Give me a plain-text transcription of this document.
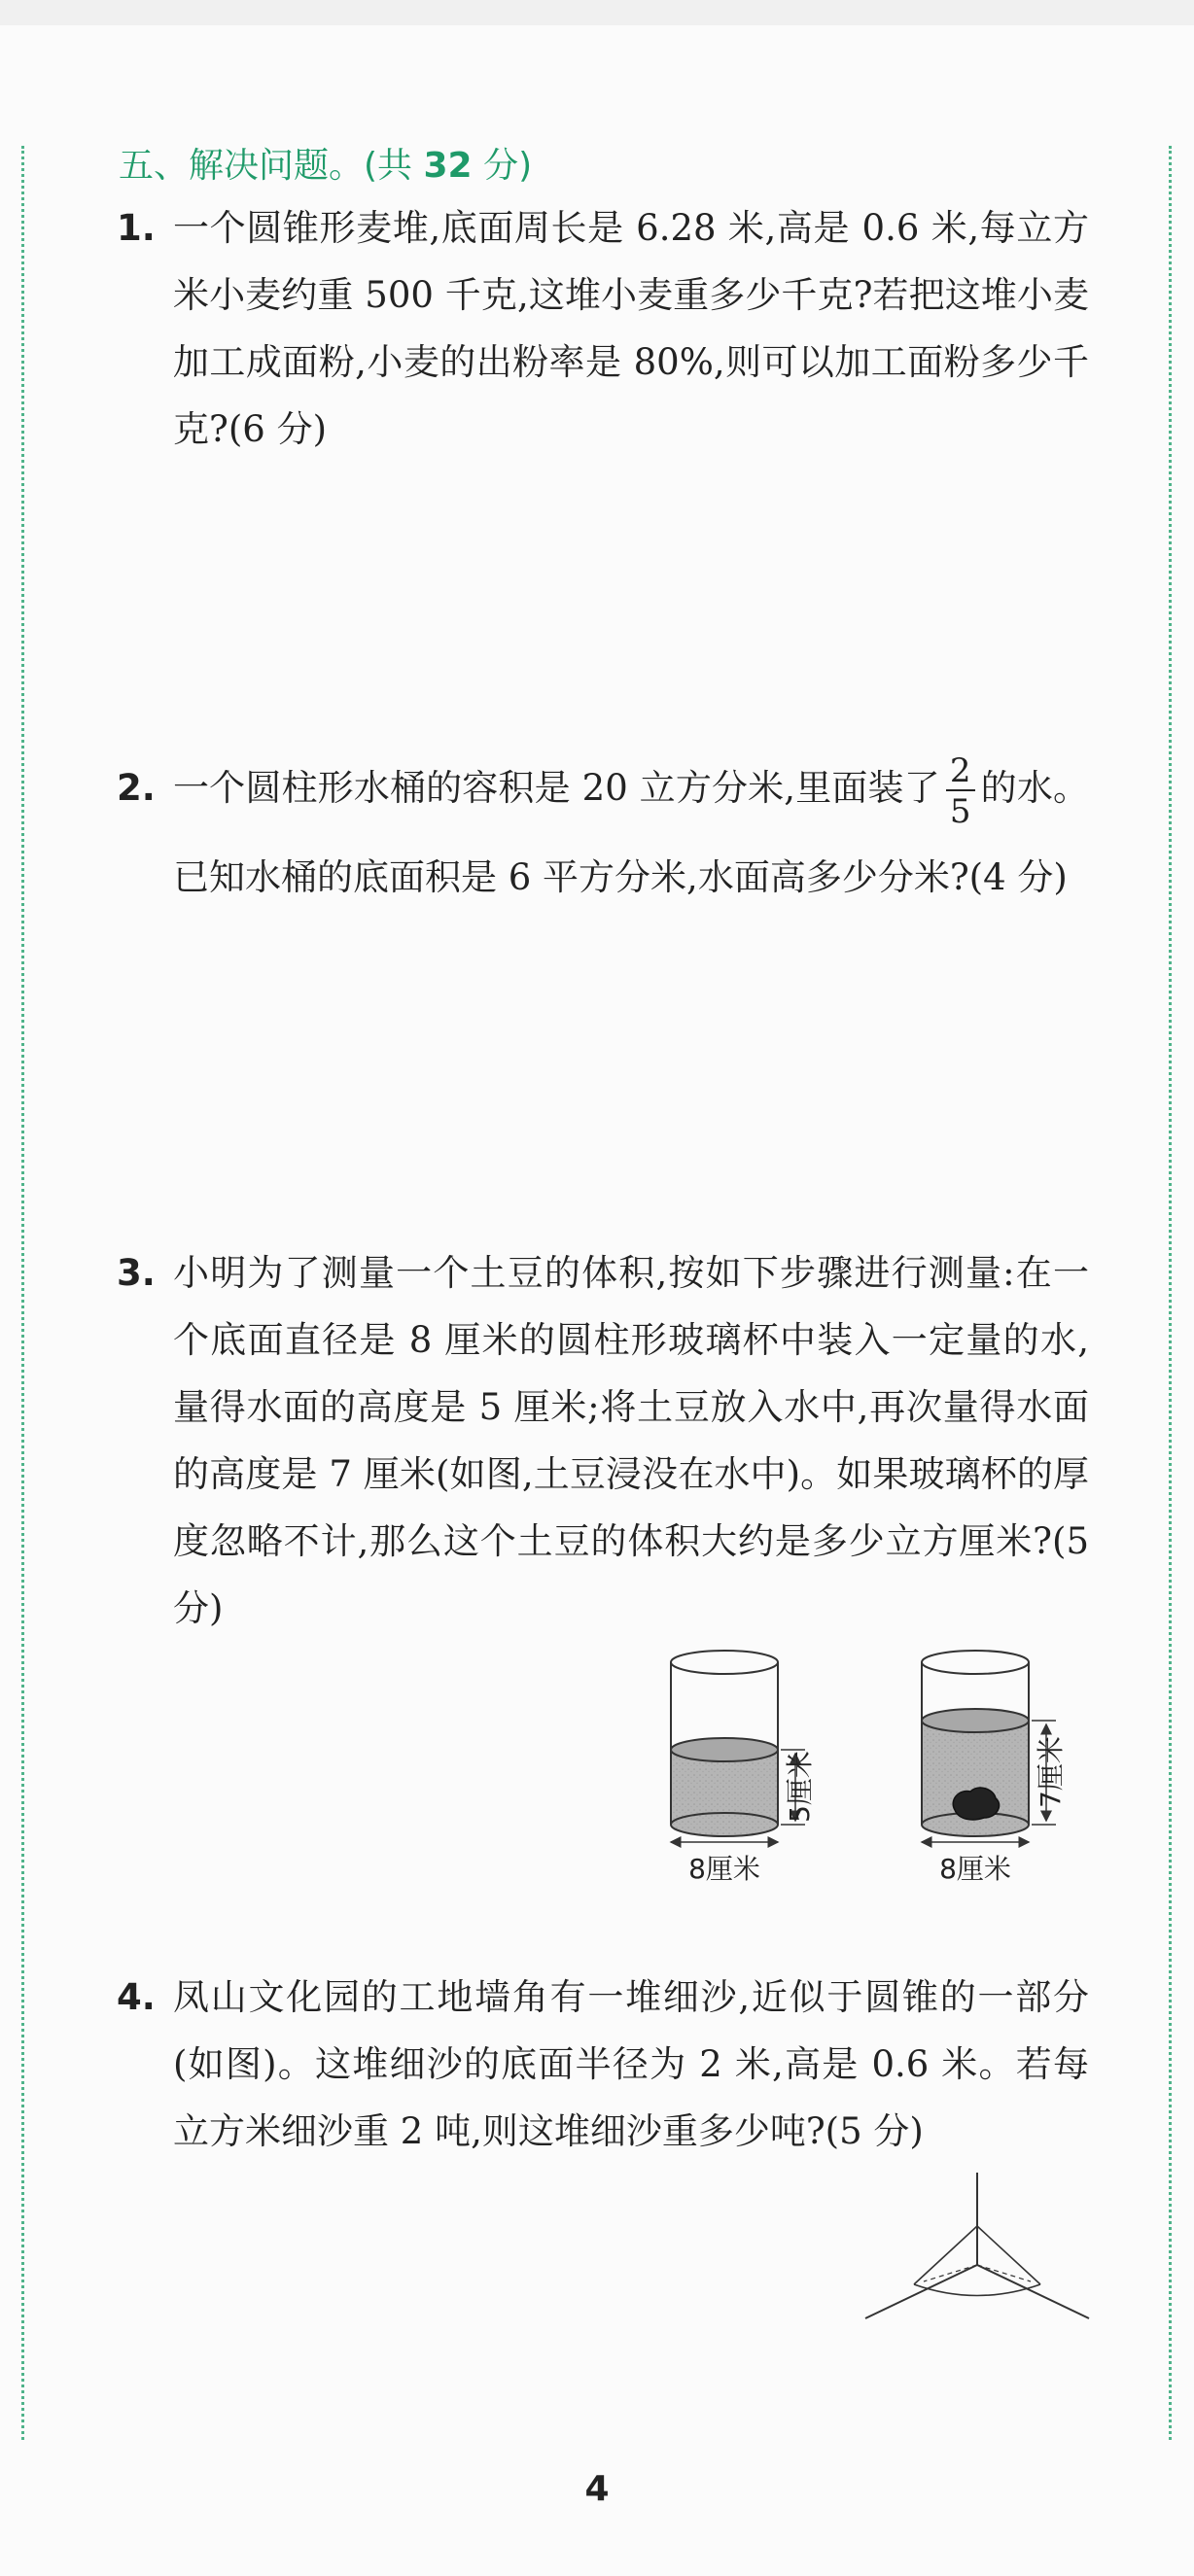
五、解决问题。(共 32 分)
1. 一个圆锥形麦堆,底面周长是 6.28 米,高是 0.6 米,每立方米小麦约重 500 千克,这堆小麦重多少千克?若把这堆小麦加工成面粉,小麦的出粉率是 80%,则可以加工面粉多少千克?(6 分)
2. 一个圆柱形水桶的容积是 20 立方分米,里面装了 $\frac{2}{5}$ 的水。已知水桶的底面积是 6 平方分米,水面高多少分米?(4 分)
3. 小明为了测量一个土豆的体积,按如下步骤进行测量:在一个底面直径是 8 厘米的圆柱形玻璃杯中装入一定量的水,量得水面的高度是 5 厘米;将土豆放入水中,再次量得水面的高度是 7 厘米(如图,土豆浸没在水中)。如果玻璃杯的厚度忽略不计,那么这个土豆的体积大约是多少立方厘米?(5 分)
5厘米
8厘米
7厘米
8厘米
4. 凤山文化园的工地墙角有一堆细沙,近似于圆锥的一部分(如图)。这堆细沙的底面半径为 2 米,高是 0.6 米。若每立方米细沙重 2 吨,则这堆细沙重多少吨?(5 分)
4
